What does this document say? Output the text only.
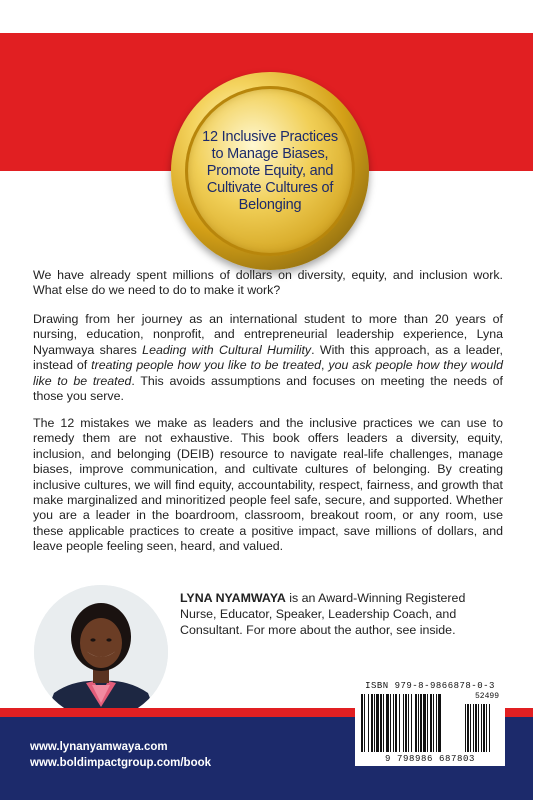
12 Inclusive Practices to Manage Biases, Promote Equity, and Cultivate Cultures of Belonging
We have already spent millions of dollars on diversity, equity, and inclusion work. What else do we need to do to make it work?
Drawing from her journey as an international student to more than 20 years of nursing, education, nonprofit, and entrepreneurial leadership experience, Lyna Nyamwaya shares Leading with Cultural Humility. With this approach, as a leader, instead of treating people how you like to be treated, you ask people how they would like to be treated. This avoids assumptions and focuses on meeting the needs of those you serve.
The 12 mistakes we make as leaders and the inclusive practices we can use to remedy them are not exhaustive. This book offers leaders a diversity, equity, inclusion, and belonging (DEIB) resource to navigate real-life challenges, manage biases, improve communication, and cultivate cultures of belonging. By creating inclusive cultures, we will find equity, accountability, respect, fairness, and growth that make marginalized and minoritized people feel safe, secure, and supported. Whether you are a leader in the boardroom, classroom, breakout room, or any room, use these applicable practices to create a positive impact, save millions of dollars, and leave people feeling seen, heard, and valued.
LYNA NYAMWAYA is an Award-Winning Registered Nurse, Educator, Speaker, Leadership Coach, and Consultant. For more about the author, see inside.
www.lynanyamwaya.com
www.boldimpactgroup.com/book
ISBN 979-8-9866878-0-3
52499
9 798986 687803
